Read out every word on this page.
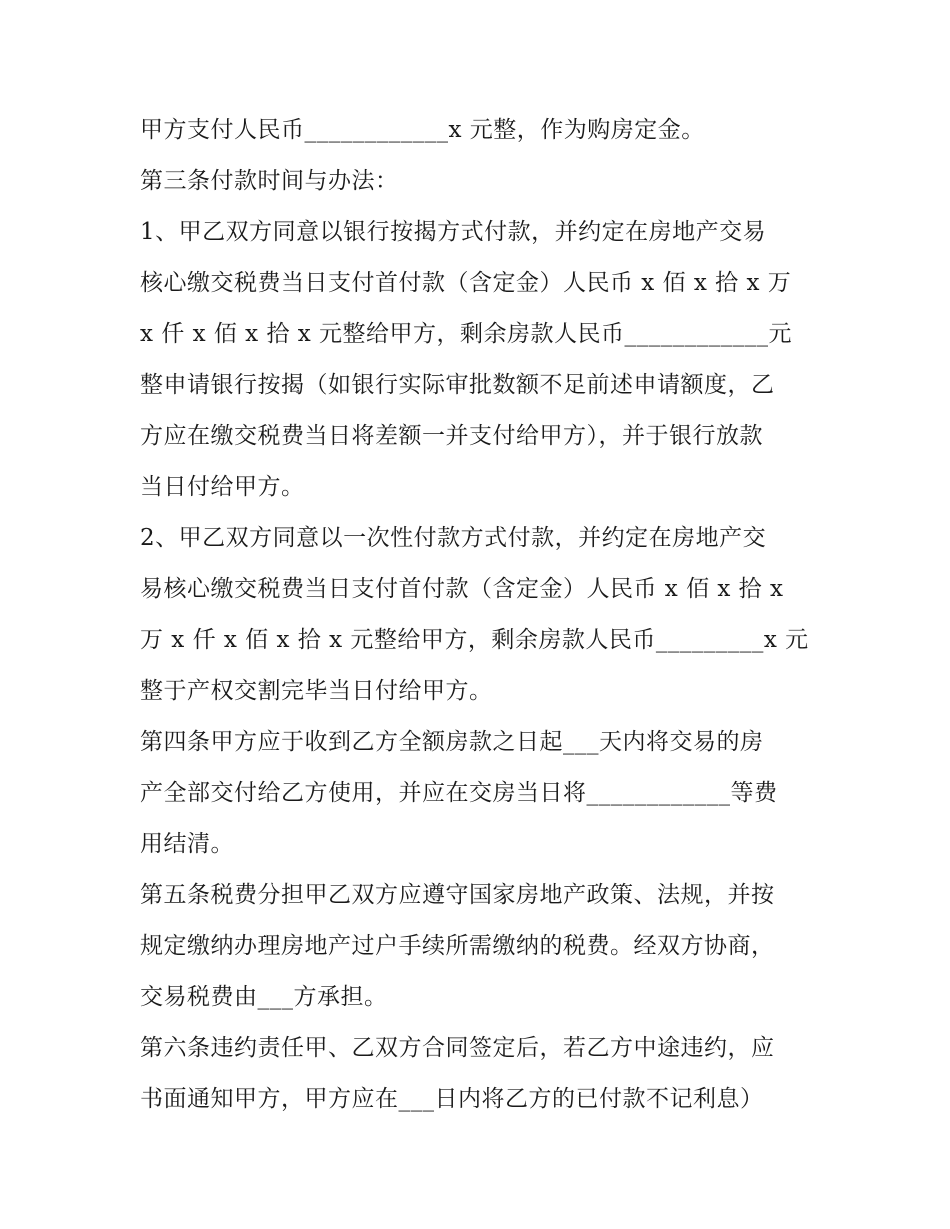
甲方支付人民币____________x 元整，作为购房定金。
第三条付款时间与办法：
1、甲乙双方同意以银行按揭方式付款，并约定在房地产交易
核心缴交税费当日支付首付款（含定金）人民币 x 佰 x 拾 x 万
x 仟 x 佰 x 拾 x 元整给甲方，剩余房款人民币____________元
整申请银行按揭（如银行实际审批数额不足前述申请额度，乙
方应在缴交税费当日将差额一并支付给甲方），并于银行放款
当日付给甲方。
2、甲乙双方同意以一次性付款方式付款，并约定在房地产交
易核心缴交税费当日支付首付款（含定金）人民币 x 佰 x 拾 x
万 x 仟 x 佰 x 拾 x 元整给甲方，剩余房款人民币_________x 元
整于产权交割完毕当日付给甲方。
第四条甲方应于收到乙方全额房款之日起___天内将交易的房
产全部交付给乙方使用，并应在交房当日将____________等费
用结清。
第五条税费分担甲乙双方应遵守国家房地产政策、法规，并按
规定缴纳办理房地产过户手续所需缴纳的税费。经双方协商，
交易税费由___方承担。
第六条违约责任甲、乙双方合同签定后，若乙方中途违约，应
书面通知甲方，甲方应在___日内将乙方的已付款不记利息）
